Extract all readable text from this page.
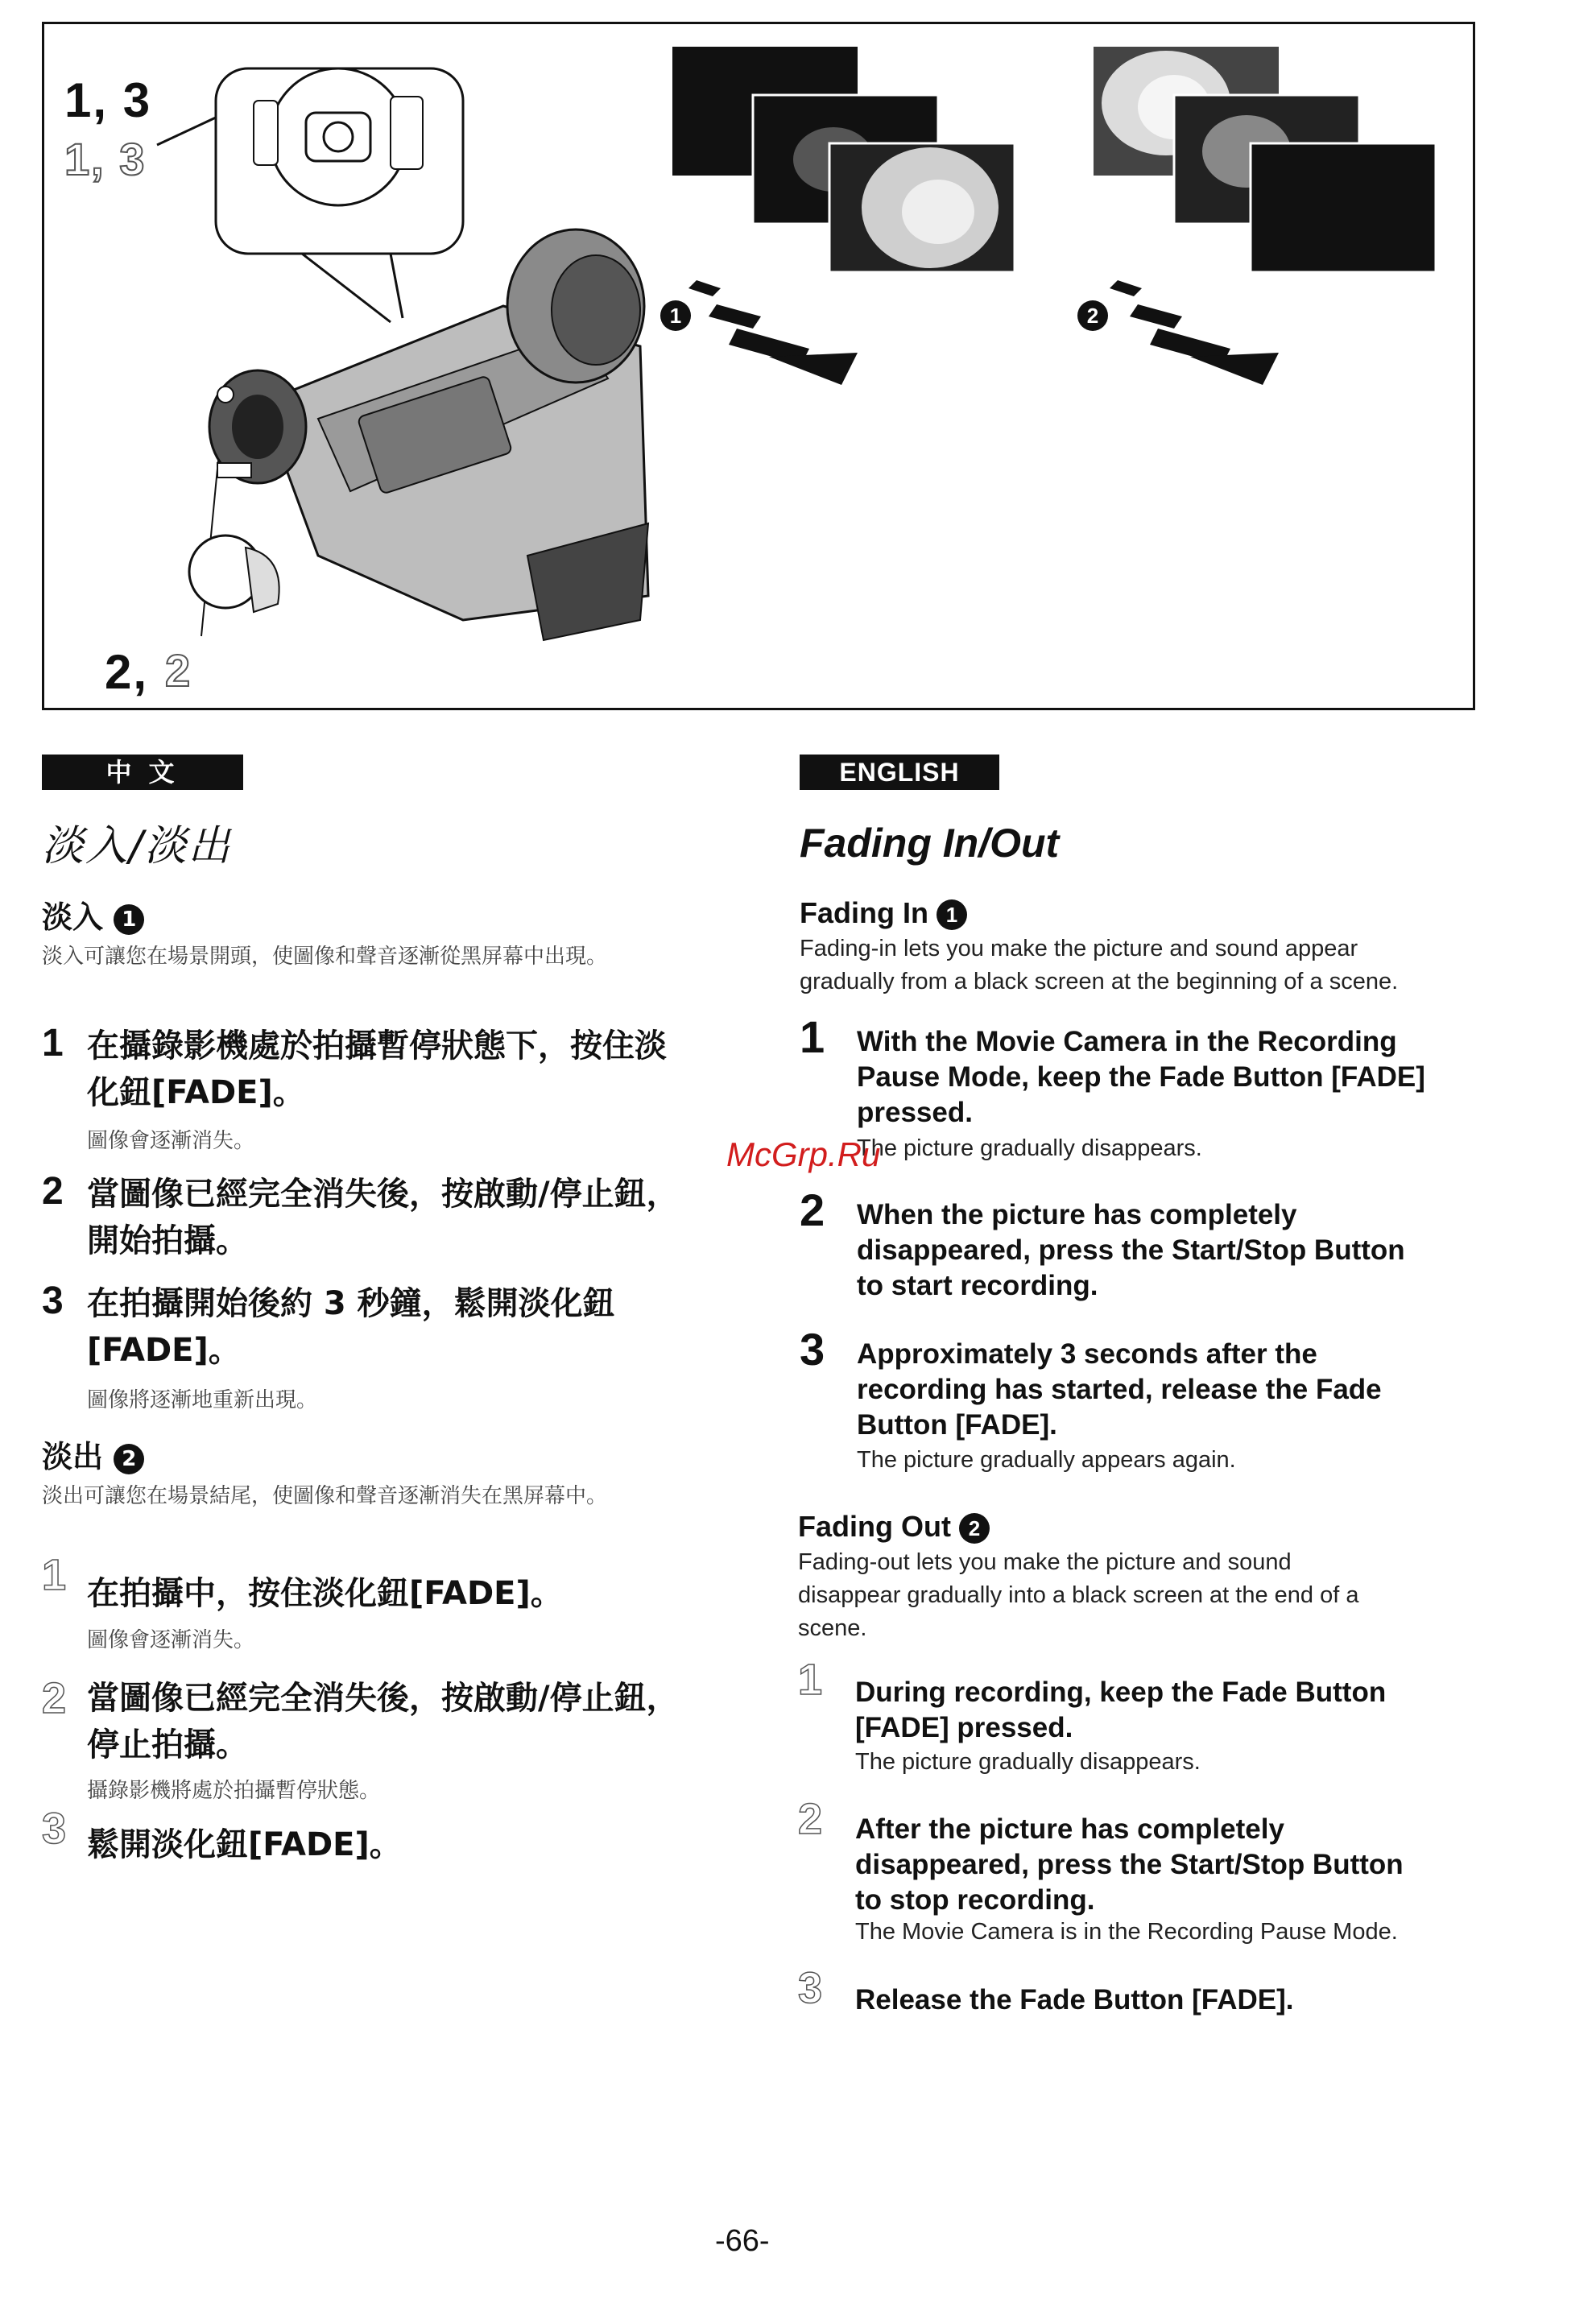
1, 3
1, 3
2, 2
1	2
中 文
淡入/淡出
淡入 1
淡入可讓您在場景開頭，使圖像和聲音逐漸從黑屏幕中出現。
1 在攝錄影機處於拍攝暫停狀態下，按住淡
化鈕[FADE]。
圖像會逐漸消失。
2 當圖像已經完全消失後，按啟動/停止鈕，
開始拍攝。
3 在拍攝開始後約 3 秒鐘，鬆開淡化鈕
[FADE]。
圖像將逐漸地重新出現。
淡出 2
淡出可讓您在場景結尾，使圖像和聲音逐漸消失在黑屏幕中。
1 在拍攝中，按住淡化鈕[FADE]。
圖像會逐漸消失。
2 當圖像已經完全消失後，按啟動/停止鈕，
停止拍攝。
攝錄影機將處於拍攝暫停狀態。
3 鬆開淡化鈕[FADE]。
ENGLISH
Fading In/Out
Fading In 1
Fading-in lets you make the picture and sound appear
gradually from a black screen at the beginning of a scene.
1 With the Movie Camera in the Recording
Pause Mode, keep the Fade Button [FADE]
pressed.
The picture gradually disappears.
McGrp.Ru
2 When the picture has completely
disappeared, press the Start/Stop Button
to start recording.
3 Approximately 3 seconds after the
recording has started, release the Fade
Button [FADE].
The picture gradually appears again.
Fading Out 2
Fading-out lets you make the picture and sound
disappear gradually into a black screen at the end of a
scene.
1 During recording, keep the Fade Button
[FADE] pressed.
The picture gradually disappears.
2 After the picture has completely
disappeared, press the Start/Stop Button
to stop recording.
The Movie Camera is in the Recording Pause Mode.
3 Release the Fade Button [FADE].
-66-
